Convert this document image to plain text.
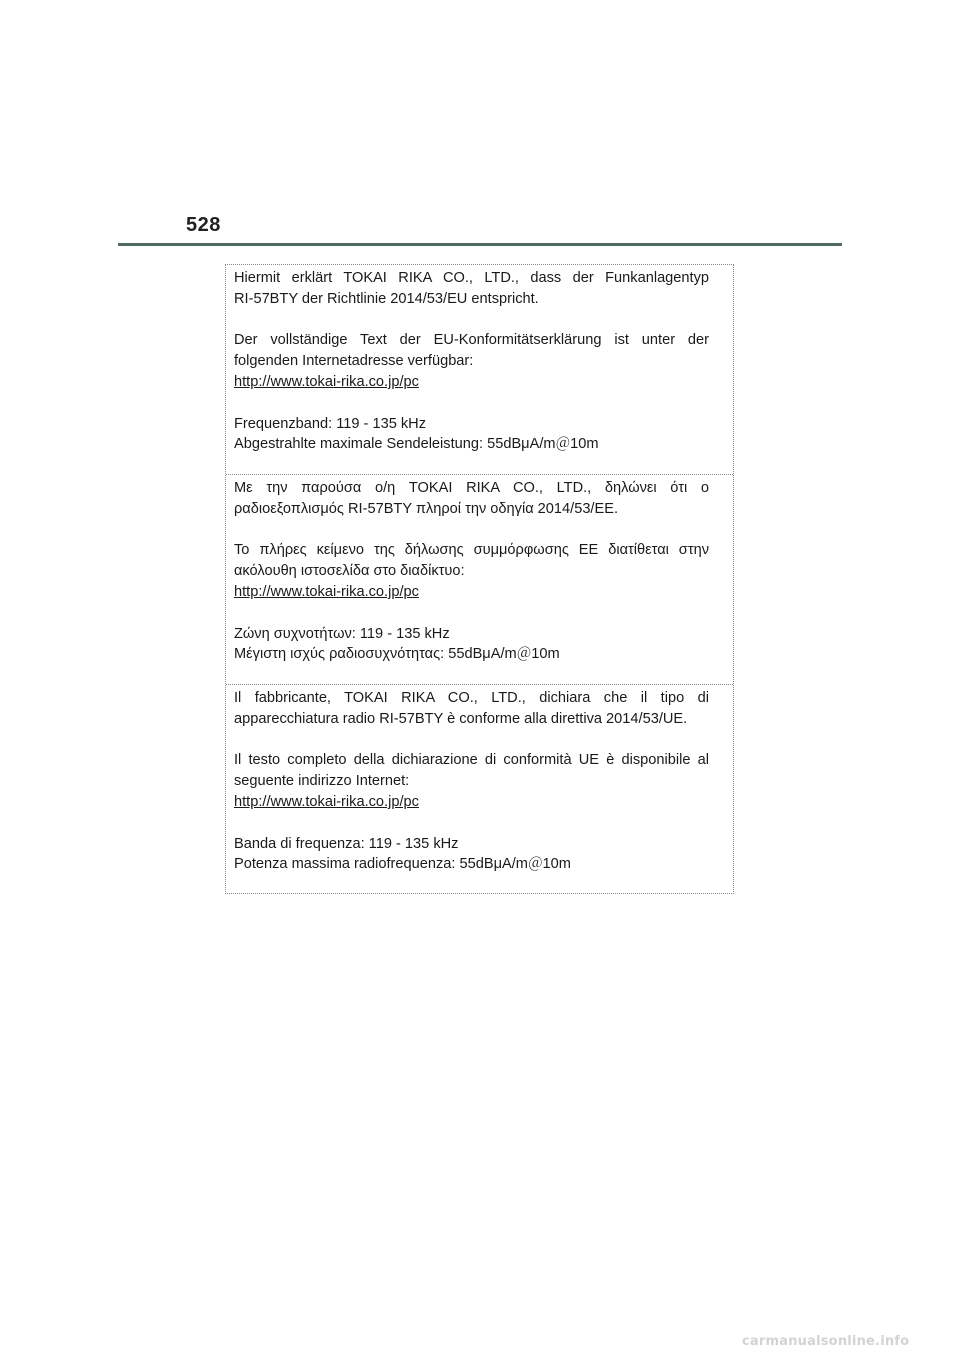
528
Hiermit erklärt TOKAI RIKA CO., LTD., dass der Funkanlagentyp
RI-57BTY der Richtlinie 2014/53/EU entspricht.
Der vollständige Text der EU-Konformitätserklärung ist unter der
folgenden Internetadresse verfügbar:
http://www.tokai-rika.co.jp/pc
Frequenzband: 119 - 135 kHz
Abgestrahlte maximale Sendeleistung: 55dBμA/m＠10m
Με την παρούσα ο/η TOKAI RIKA CO., LTD., δηλώνει ότι ο
ραδιοεξοπλισμός RI-57BTY πληροί την οδηγία 2014/53/ΕΕ.
Το πλήρες κείμενο της δήλωσης συμμόρφωσης ΕΕ διατίθεται στην
ακόλουθη ιστοσελίδα στο διαδίκτυο:
http://www.tokai-rika.co.jp/pc
Ζώνη συχνοτήτων: 119 - 135 kHz
Μέγιστη ισχύς ραδιοσυχνότητας: 55dBμA/m＠10m
Il fabbricante, TOKAI RIKA CO., LTD., dichiara che il tipo di
apparecchiatura radio RI-57BTY è conforme alla direttiva 2014/53/UE.
Il testo completo della dichiarazione di conformità UE è disponibile al
seguente indirizzo Internet:
http://www.tokai-rika.co.jp/pc
Banda di frequenza: 119 - 135 kHz
Potenza massima radiofrequenza: 55dBμA/m＠10m
carmanualsonline.info
